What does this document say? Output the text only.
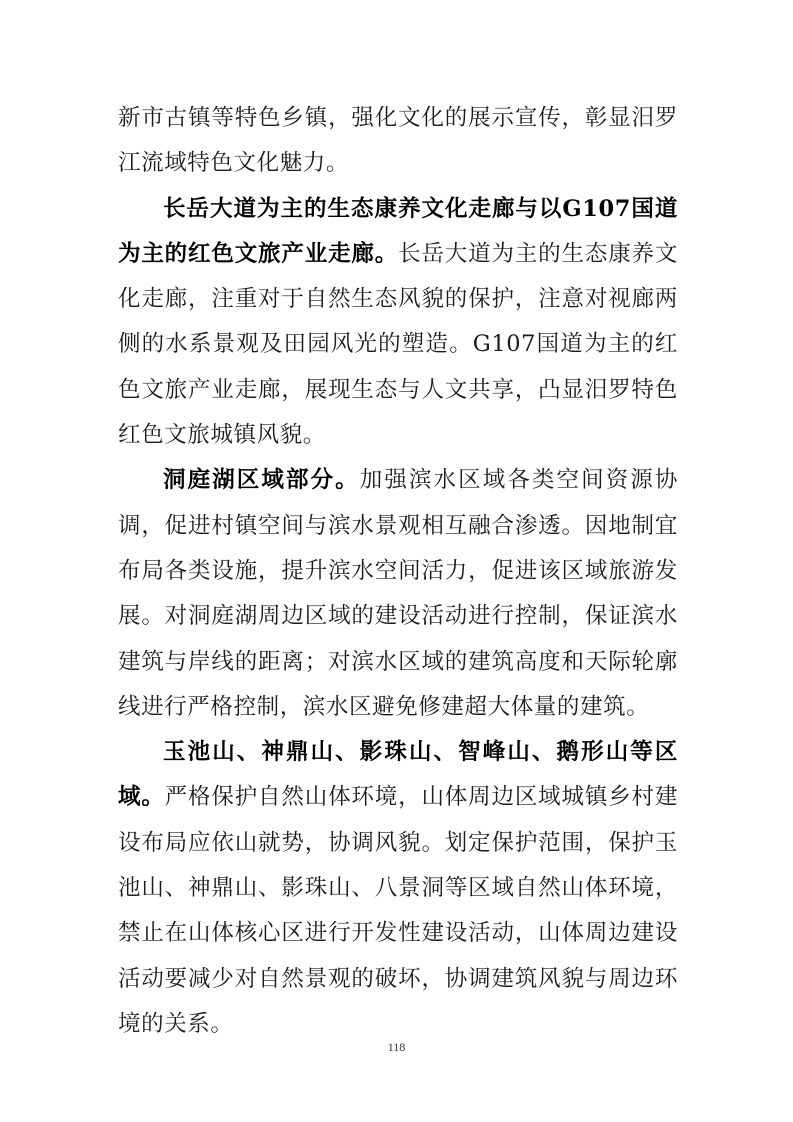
新市古镇等特色乡镇，强化文化的展示宣传，彰显汨罗江流域特色文化魅力。

长岳大道为主的生态康养文化走廊与以G107国道为主的红色文旅产业走廊。长岳大道为主的生态康养文化走廊，注重对于自然生态风貌的保护，注意对视廊两侧的水系景观及田园风光的塑造。G107国道为主的红色文旅产业走廊，展现生态与人文共享，凸显汨罗特色红色文旅城镇风貌。

洞庭湖区域部分。加强滨水区域各类空间资源协调，促进村镇空间与滨水景观相互融合渗透。因地制宜布局各类设施，提升滨水空间活力，促进该区域旅游发展。对洞庭湖周边区域的建设活动进行控制，保证滨水建筑与岸线的距离；对滨水区域的建筑高度和天际轮廓线进行严格控制，滨水区避免修建超大体量的建筑。

玉池山、神鼎山、影珠山、智峰山、鹅形山等区域。严格保护自然山体环境，山体周边区域城镇乡村建设布局应依山就势，协调风貌。划定保护范围，保护玉池山、神鼎山、影珠山、八景洞等区域自然山体环境，禁止在山体核心区进行开发性建设活动，山体周边建设活动要减少对自然景观的破坏，协调建筑风貌与周边环境的关系。

118
